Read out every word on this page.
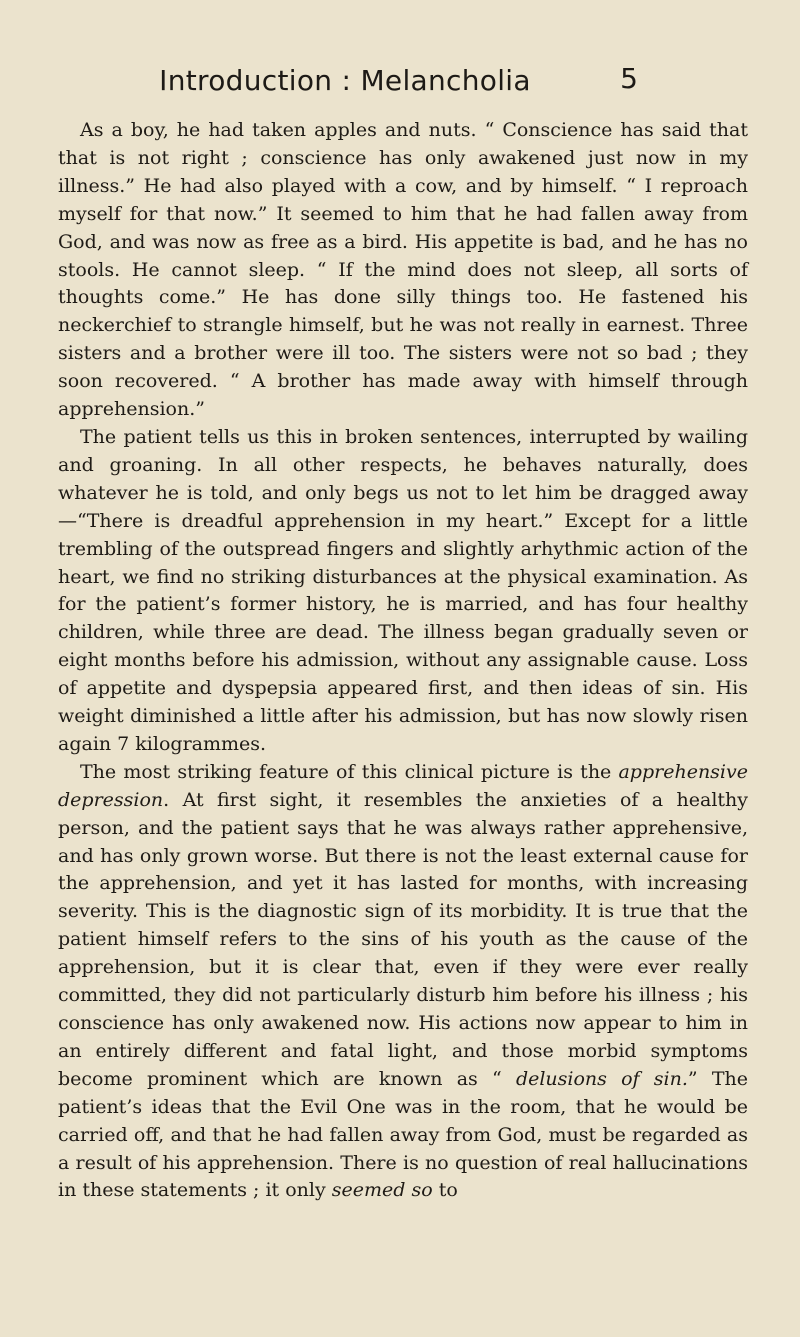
Introduction : Melancholia	5

As a boy, he had taken apples and nuts. “ Conscience has said that that is not right ; conscience has only awakened just now in my illness.” He had also played with a cow, and by himself. “ I reproach myself for that now.” It seemed to him that he had fallen away from God, and was now as free as a bird. His appetite is bad, and he has no stools. He cannot sleep. “ If the mind does not sleep, all sorts of thoughts come.” He has done silly things too. He fastened his neckerchief to strangle himself, but he was not really in earnest. Three sisters and a brother were ill too. The sisters were not so bad ; they soon recovered. “ A brother has made away with himself through apprehension.”

The patient tells us this in broken sentences, interrupted by wailing and groaning. In all other respects, he behaves naturally, does whatever he is told, and only begs us not to let him be dragged away—“There is dreadful apprehension in my heart.” Except for a little trembling of the outspread fingers and slightly arhythmic action of the heart, we find no striking disturbances at the physical examination. As for the patient’s former history, he is married, and has four healthy children, while three are dead. The illness began gradually seven or eight months before his admission, without any assignable cause. Loss of appetite and dyspepsia appeared first, and then ideas of sin. His weight diminished a little after his admission, but has now slowly risen again 7 kilogrammes.

The most striking feature of this clinical picture is the apprehensive depression. At first sight, it resembles the anxieties of a healthy person, and the patient says that he was always rather apprehensive, and has only grown worse. But there is not the least external cause for the apprehension, and yet it has lasted for months, with increasing severity. This is the diagnostic sign of its morbidity. It is true that the patient himself refers to the sins of his youth as the cause of the apprehension, but it is clear that, even if they were ever really committed, they did not particularly disturb him before his illness ; his conscience has only awakened now. His actions now appear to him in an entirely different and fatal light, and those morbid symptoms become prominent which are known as “ delusions of sin.” The patient’s ideas that the Evil One was in the room, that he would be carried off, and that he had fallen away from God, must be regarded as a result of his apprehension. There is no question of real hallucinations in these statements ; it only seemed so to
